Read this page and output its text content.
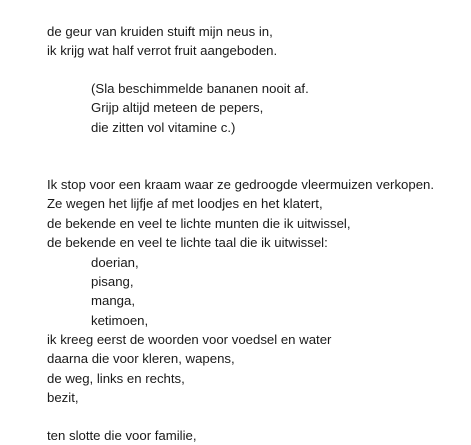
de geur van kruiden stuift mijn neus in,
ik krijg wat half verrot fruit aangeboden.
(Sla beschimmelde bananen nooit af.
Grijp altijd meteen de pepers,
die zitten vol vitamine c.)
Ik stop voor een kraam waar ze gedroogde vleermuizen verkopen.
Ze wegen het lijfje af met loodjes en het klatert,
de bekende en veel te lichte munten die ik uitwissel,
de bekende en veel te lichte taal die ik uitwissel:
doerian,
pisang,
manga,
ketimoen,
ik kreeg eerst de woorden voor voedsel en water
daarna die voor kleren, wapens,
de weg, links en rechts,
bezit,
ten slotte die voor familie,
